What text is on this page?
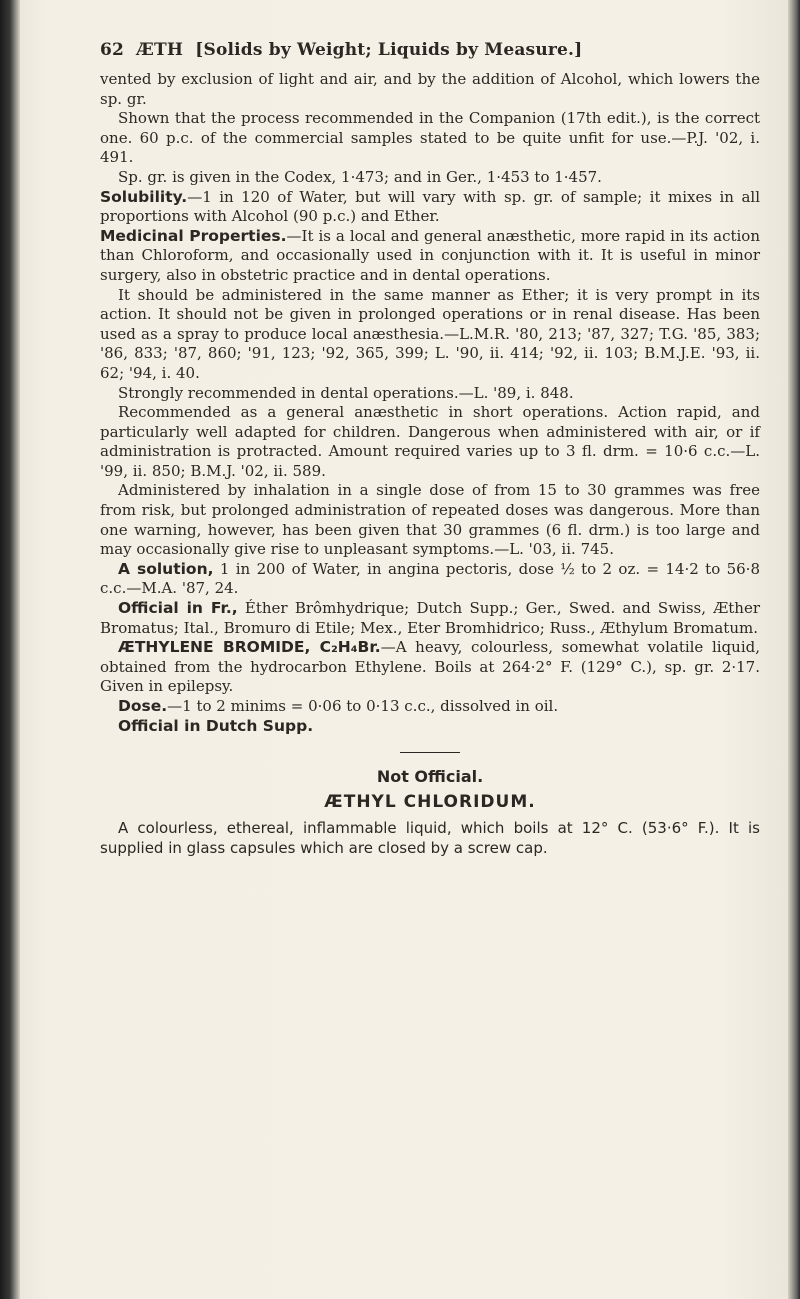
62 ÆTH [Solids by Weight; Liquids by Measure.]

vented by exclusion of light and air, and by the addition of Alcohol, which lowers the sp. gr.

Shown that the process recommended in the Companion (17th edit.), is the correct one. 60 p.c. of the commercial samples stated to be quite unfit for use.—P.J. '02, i. 491.

Sp. gr. is given in the Codex, 1·473; and in Ger., 1·453 to 1·457.

Solubility.—1 in 120 of Water, but will vary with sp. gr. of sample; it mixes in all proportions with Alcohol (90 p.c.) and Ether.

Medicinal Properties.—It is a local and general anæsthetic, more rapid in its action than Chloroform, and occasionally used in conjunction with it. It is useful in minor surgery, also in obstetric practice and in dental operations.

It should be administered in the same manner as Ether; it is very prompt in its action. It should not be given in prolonged operations or in renal disease. Has been used as a spray to produce local anæsthesia.—L.M.R. '80, 213; '87, 327; T.G. '85, 383; '86, 833; '87, 860; '91, 123; '92, 365, 399; L. '90, ii. 414; '92, ii. 103; B.M.J.E. '93, ii. 62; '94, i. 40.

Strongly recommended in dental operations.—L. '89, i. 848.

Recommended as a general anæsthetic in short operations. Action rapid, and particularly well adapted for children. Dangerous when administered with air, or if administration is protracted. Amount required varies up to 3 fl. drm. = 10·6 c.c.—L. '99, ii. 850; B.M.J. '02, ii. 589.

Administered by inhalation in a single dose of from 15 to 30 grammes was free from risk, but prolonged administration of repeated doses was dangerous. More than one warning, however, has been given that 30 grammes (6 fl. drm.) is too large and may occasionally give rise to unpleasant symptoms.—L. '03, ii. 745.

A solution, 1 in 200 of Water, in angina pectoris, dose ½ to 2 oz. = 14·2 to 56·8 c.c.—M.A. '87, 24.

Official in Fr., Éther Brômhydrique; Dutch Supp.; Ger., Swed. and Swiss, Æther Bromatus; Ital., Bromuro di Etile; Mex., Eter Bromhidrico; Russ., Æthylum Bromatum.

ÆTHYLENE BROMIDE, C₂H₄Br.—A heavy, colourless, somewhat volatile liquid, obtained from the hydrocarbon Ethylene. Boils at 264·2° F. (129° C.), sp. gr. 2·17. Given in epilepsy.

Dose.—1 to 2 minims = 0·06 to 0·13 c.c., dissolved in oil.

Official in Dutch Supp.

Not Official.
ÆTHYL CHLORIDUM.

A colourless, ethereal, inflammable liquid, which boils at 12° C. (53·6° F.). It is supplied in glass capsules which are closed by a screw cap.
